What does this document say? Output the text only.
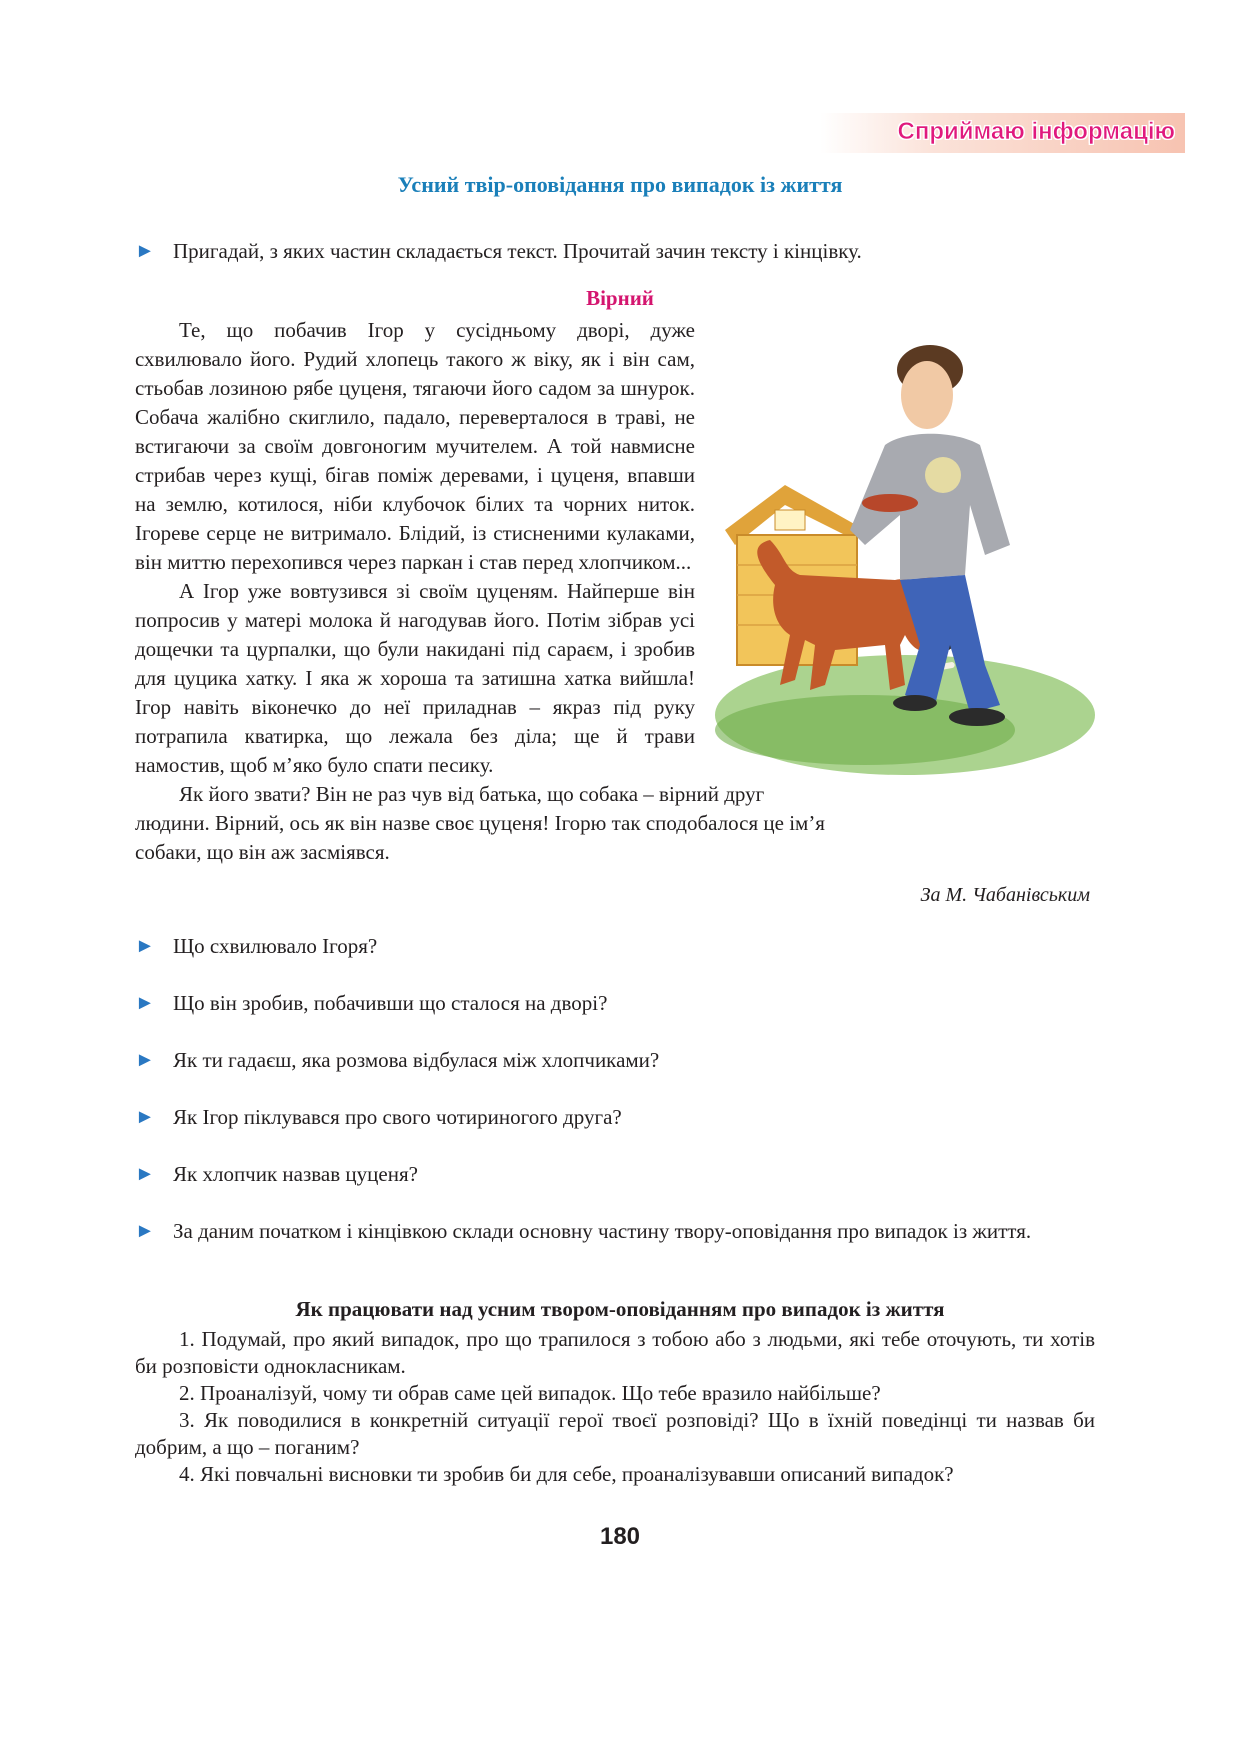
Сприймаю інформацію
Усний твір-оповідання про випадок із життя
► Пригадай, з яких частин складається текст. Прочитай зачин тексту і кінцівку.
Вірний

Те, що побачив Ігор у сусідньому дворі, дуже схвилювало його. Рудий хлопець такого ж віку, як і він сам, стьобав лозиною рябе цуценя, тягаючи його садом за шнурок. Собача жалібно скиглило, падало, переверталося в траві, не встигаючи за своїм довгоногим мучителем. А той навмисне стрибав через кущі, бігав поміж деревами, і цуценя, впавши на землю, котилося, ніби клубочок білих та чорних ниток. Ігореве серце не витримало. Блідий, із стисненими кулаками, він миттю перехопився через паркан і став перед хлопчиком...

А Ігор уже вовтузився зі своїм цуценям. Найперше він попросив у матері молока й нагодував його. Потім зібрав усі дощечки та цурпалки, що були накидані під сараєм, і зробив для цуцика хатку. І яка ж хороша та затишна хатка вийшла! Ігор навіть віконечко до неї приладнав – якраз під руку потрапила кватирка, що лежала без діла; ще й трави намостив, щоб м’яко було спати песику.

Як його звати? Він не раз чув від батька, що собака – вірний друг людини. Вірний, ось як він назве своє цуценя! Ігорю так сподобалося це ім’я собаки, що він аж засміявся.

За М. Чабанівським
► Що схвилювало Ігоря?
► Що він зробив, побачивши що сталося на дворі?
► Як ти гадаєш, яка розмова відбулася між хлопчиками?
► Як Ігор піклувався про свого чотириногого друга?
► Як хлопчик назвав цуценя?
► За даним початком і кінцівкою склади основну частину твору-оповідання про випадок із життя.
Як працювати над усним твором-оповіданням про випадок із життя

1. Подумай, про який випадок, про що трапилося з тобою або з людьми, які тебе оточують, ти хотів би розповісти однокласникам.

2. Проаналізуй, чому ти обрав саме цей випадок. Що тебе вразило найбільше?

3. Як поводилися в конкретній ситуації герої твоєї розповіді? Що в їхній поведінці ти назвав би добрим, а що – поганим?

4. Які повчальні висновки ти зробив би для себе, проаналізувавши описаний випадок?

180
